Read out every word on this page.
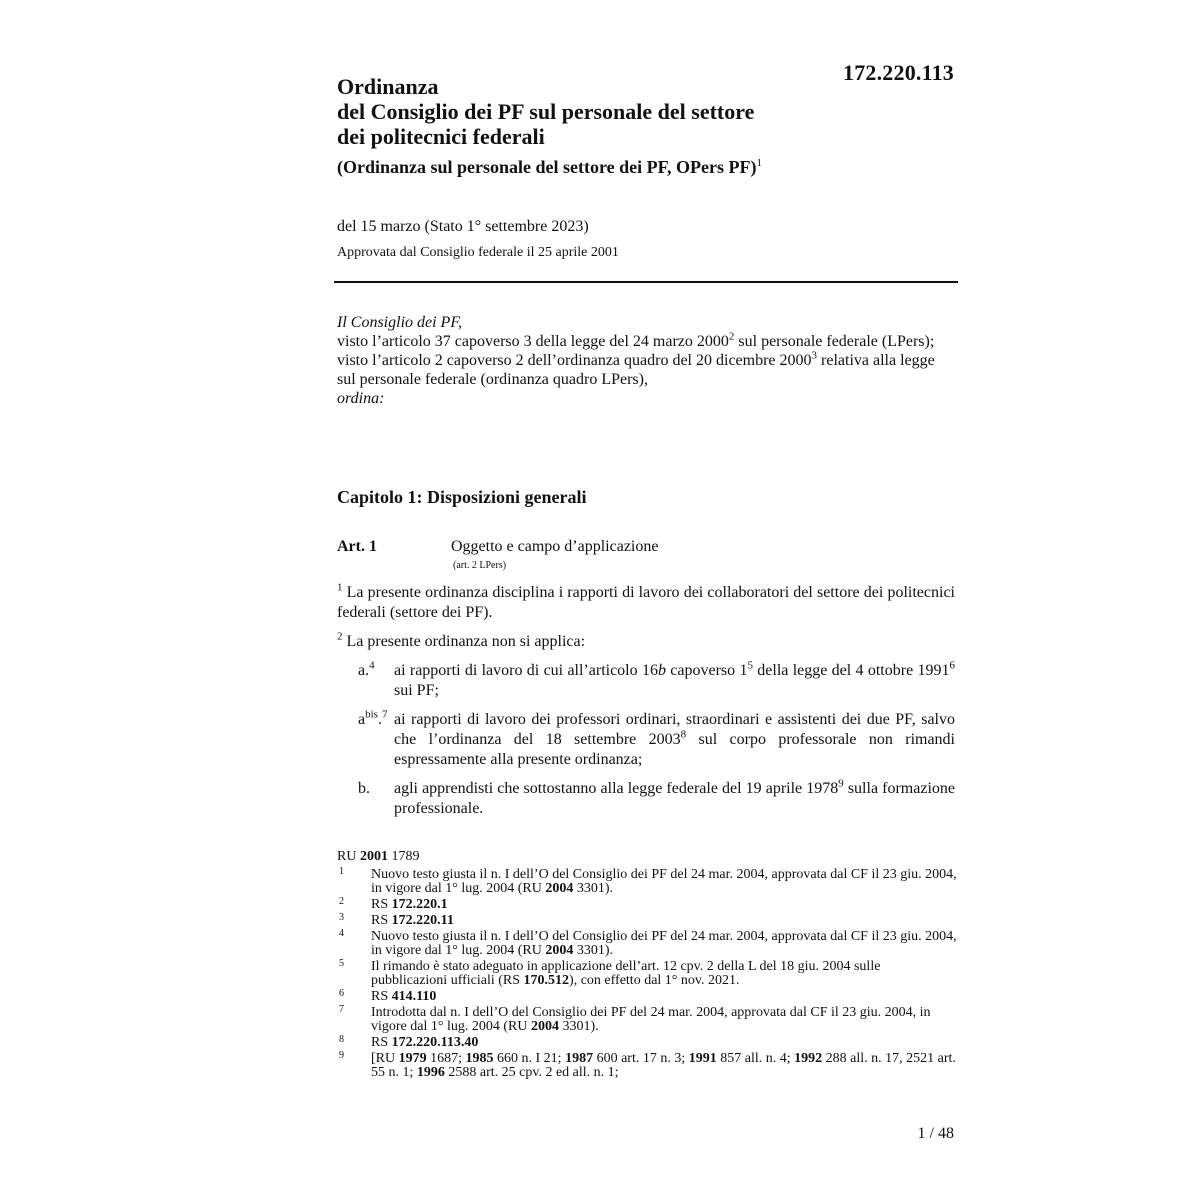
172.220.113

Ordinanza

del Consiglio dei PF sul personale del settore

dei politecnici federali

(Ordinanza sul personale del settore dei PF, OPers PF)$^1$
del 15 marzo (Stato 1° settembre 2023)
Approvata dal Consiglio federale il 25 aprile 2001

Il Consiglio dei PF,

visto l’articolo 37 capoverso 3 della legge del 24 marzo 2000$^2$ sul personale federale (LPers);

visto l’articolo 2 capoverso 2 dell’ordinanza quadro del 20 dicembre 2000$^3$ relativa alla legge sul personale federale (ordinanza quadro LPers),

ordina:

Capitolo 1: Disposizioni generali
Art. 1	Oggetto e campo d’applicazione
(art. 2 LPers)

$^1$ La presente ordinanza disciplina i rapporti di lavoro dei collaboratori del settore dei politecnici federali (settore dei PF).

$^2$ La presente ordinanza non si applica:

a.$^4$ ai rapporti di lavoro di cui all’articolo 16b capoverso 1$^5$ della legge del 4 ottobre 1991$^6$ sui PF;
a$^{bis}$.$^7$ ai rapporti di lavoro dei professori ordinari, straordinari e assistenti dei due PF, salvo che l’ordinanza del 18 settembre 2003$^8$ sul corpo professorale non rimandi espressamente alla presente ordinanza;
b. agli apprendisti che sottostanno alla legge federale del 19 aprile 1978$^9$ sulla formazione professionale.
RU 2001 1789
1 Nuovo testo giusta il n. I dell’O del Consiglio dei PF del 24 mar. 2004, approvata dal CF il 23 giu. 2004, in vigore dal 1° lug. 2004 (RU 2004 3301).
2 RS 172.220.1
3 RS 172.220.11
4 Nuovo testo giusta il n. I dell’O del Consiglio dei PF del 24 mar. 2004, approvata dal CF il 23 giu. 2004, in vigore dal 1° lug. 2004 (RU 2004 3301).
5 Il rimando è stato adeguato in applicazione dell’art. 12 cpv. 2 della L del 18 giu. 2004 sulle pubblicazioni ufficiali (RS 170.512), con effetto dal 1° nov. 2021.
6 RS 414.110
7 Introdotta dal n. I dell’O del Consiglio dei PF del 24 mar. 2004, approvata dal CF il 23 giu. 2004, in vigore dal 1° lug. 2004 (RU 2004 3301).
8 RS 172.220.113.40
9 [RU 1979 1687; 1985 660 n. I 21; 1987 600 art. 17 n. 3; 1991 857 all. n. 4; 1992 288 all. n. 17, 2521 art. 55 n. 1; 1996 2588 art. 25 cpv. 2 ed all. n. 1;
1 / 48
